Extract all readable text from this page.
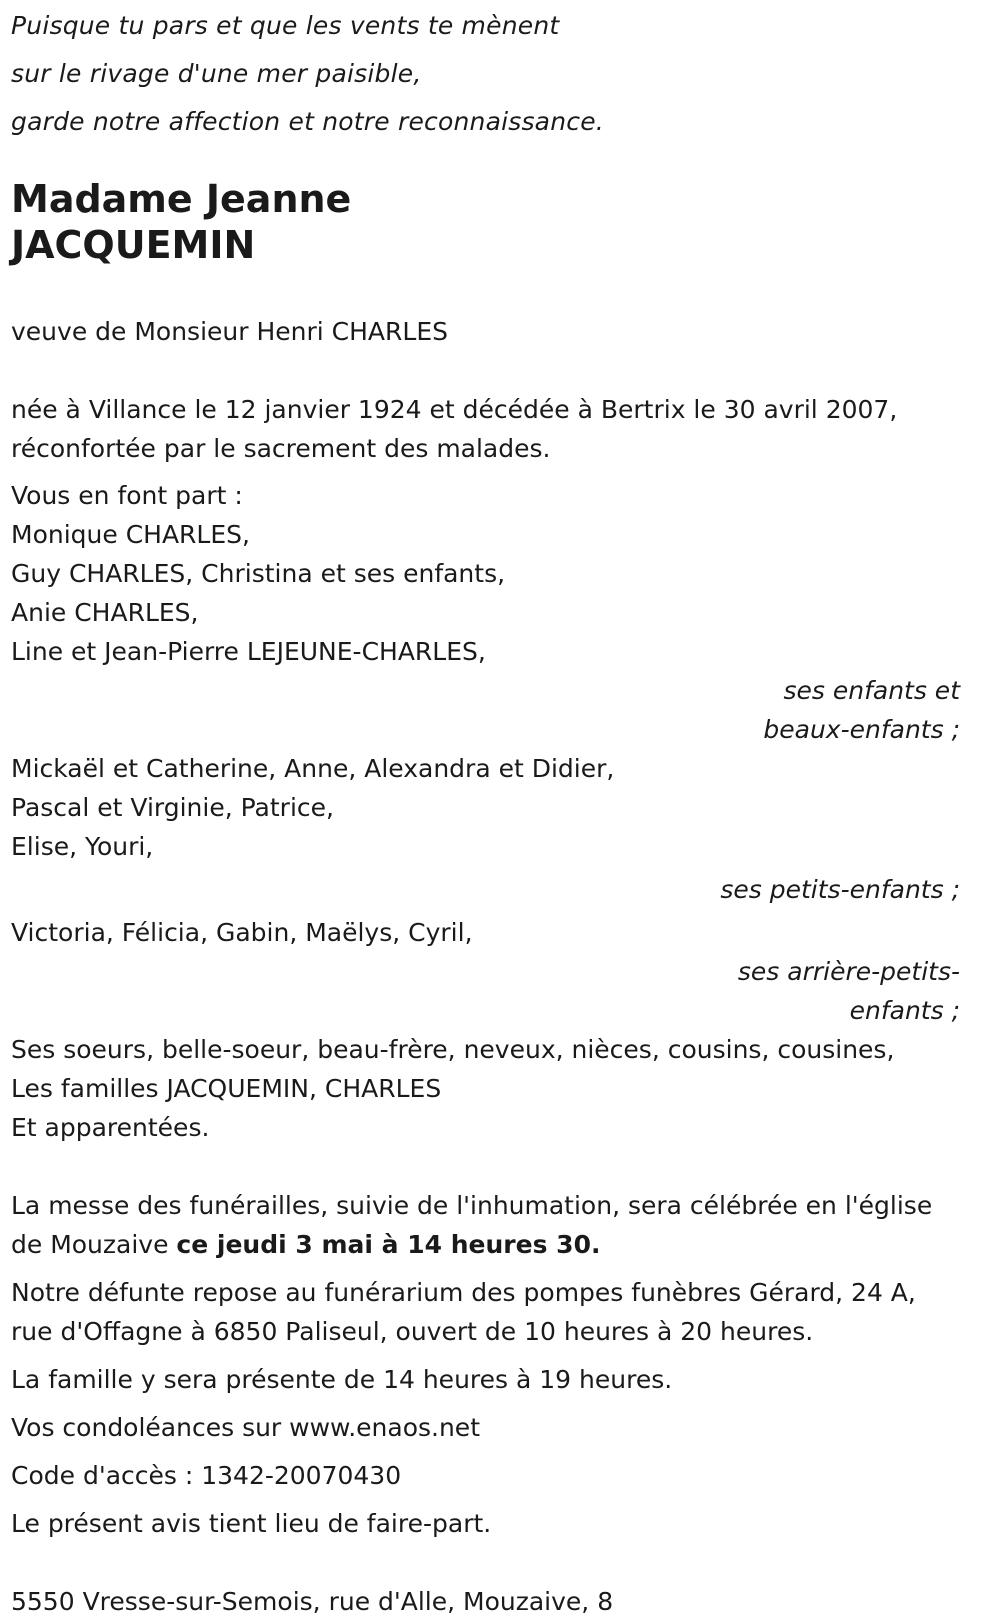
Puisque tu pars et que les vents te mènent
sur le rivage d'une mer paisible,
garde notre affection et notre reconnaissance.
Madame Jeanne
JACQUEMIN
veuve de Monsieur Henri CHARLES
née à Villance le 12 janvier 1924 et décédée à Bertrix le 30 avril 2007,
réconfortée par le sacrement des malades.
Vous en font part :
Monique CHARLES,
Guy CHARLES, Christina et ses enfants,
Anie CHARLES,
Line et Jean-Pierre LEJEUNE-CHARLES,
ses enfants et
beaux-enfants ;
Mickaël et Catherine, Anne, Alexandra et Didier,
Pascal et Virginie, Patrice,
Elise, Youri,
ses petits-enfants ;
Victoria, Félicia, Gabin, Maëlys, Cyril,
ses arrière-petits-
enfants ;
Ses soeurs, belle-soeur, beau-frère, neveux, nièces, cousins, cousines,
Les familles JACQUEMIN, CHARLES
Et apparentées.
La messe des funérailles, suivie de l'inhumation, sera célébrée en l'église
de Mouzaive ce jeudi 3 mai à 14 heures 30.
Notre défunte repose au funérarium des pompes funèbres Gérard, 24 A,
rue d'Offagne à 6850 Paliseul, ouvert de 10 heures à 20 heures.
La famille y sera présente de 14 heures à 19 heures.
Vos condoléances sur www.enaos.net
Code d'accès : 1342-20070430
Le présent avis tient lieu de faire-part.
5550 Vresse-sur-Semois, rue d'Alle, Mouzaive, 8
